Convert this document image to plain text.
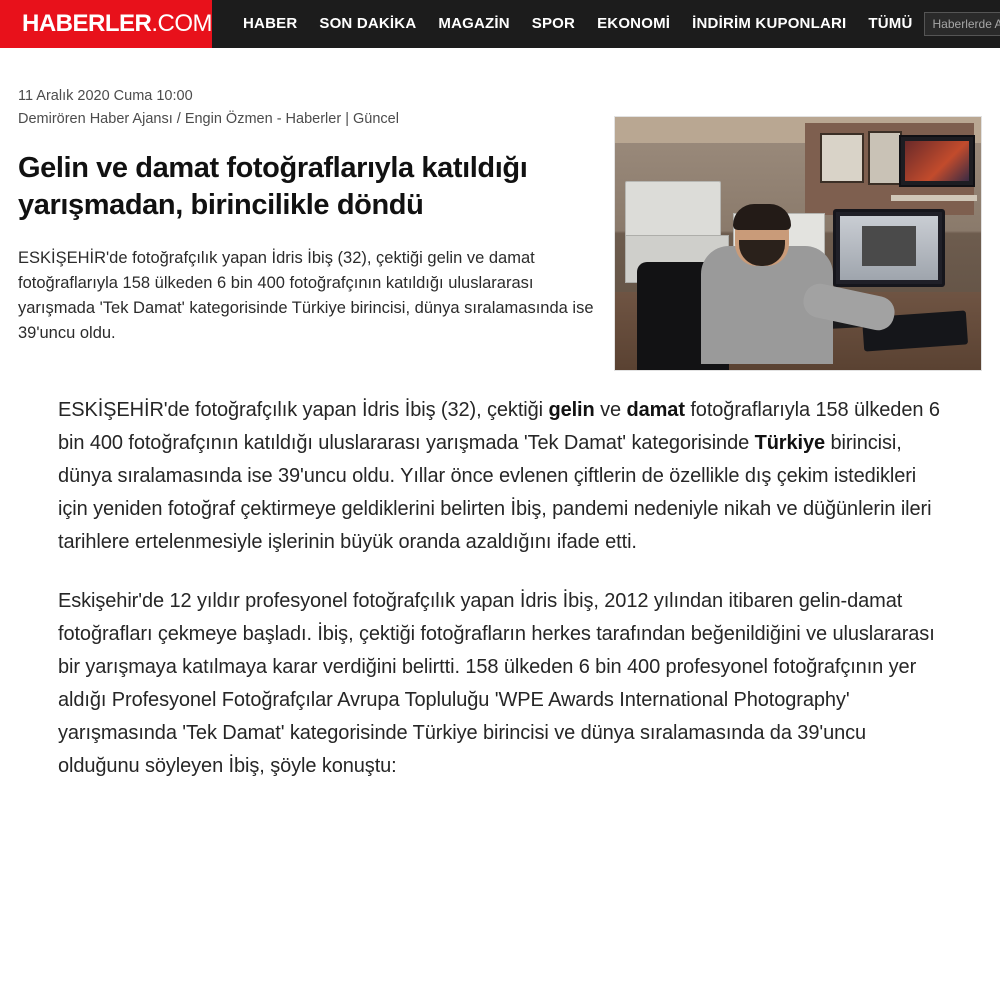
HABERLER.COM	HABER	SON DAKİKA	MAGAZİN	SPOR	EKONOMİ	İNDİRİM KUPONLARI	TÜMÜ
Haberlerde Ara
11 Aralık 2020 Cuma 10:00
Demirören Haber Ajansı / Engin Özmen - Haberler | Güncel
Gelin ve damat fotoğraflarıyla katıldığı yarışmadan, birincilikle döndü

ESKİŞEHİR'de fotoğrafçılık yapan İdris İbiş (32), çektiği gelin ve damat fotoğraflarıyla 158 ülkeden 6 bin 400 fotoğrafçının katıldığı uluslararası yarışmada 'Tek Damat' kategorisinde Türkiye birincisi, dünya sıralamasında ise 39'uncu oldu.

ESKİŞEHİR'de fotoğrafçılık yapan İdris İbiş (32), çektiği gelin ve damat fotoğraflarıyla 158 ülkeden 6 bin 400 fotoğrafçının katıldığı uluslararası yarışmada 'Tek Damat' kategorisinde Türkiye birincisi, dünya sıralamasında ise 39'uncu oldu. Yıllar önce evlenen çiftlerin de özellikle dış çekim istedikleri için yeniden fotoğraf çektirmeye geldiklerini belirten İbiş, pandemi nedeniyle nikah ve düğünlerin ileri tarihlere ertelenmesiyle işlerinin büyük oranda azaldığını ifade etti.

Eskişehir'de 12 yıldır profesyonel fotoğrafçılık yapan İdris İbiş, 2012 yılından itibaren gelin-damat fotoğrafları çekmeye başladı. İbiş, çektiği fotoğrafların herkes tarafından beğenildiğini ve uluslararası bir yarışmaya katılmaya karar verdiğini belirtti. 158 ülkeden 6 bin 400 profesyonel fotoğrafçının yer aldığı Profesyonel Fotoğrafçılar Avrupa Topluluğu 'WPE Awards International Photography' yarışmasında 'Tek Damat' kategorisinde Türkiye birincisi ve dünya sıralamasında da 39'uncu olduğunu söyleyen İbiş, şöyle konuştu:
